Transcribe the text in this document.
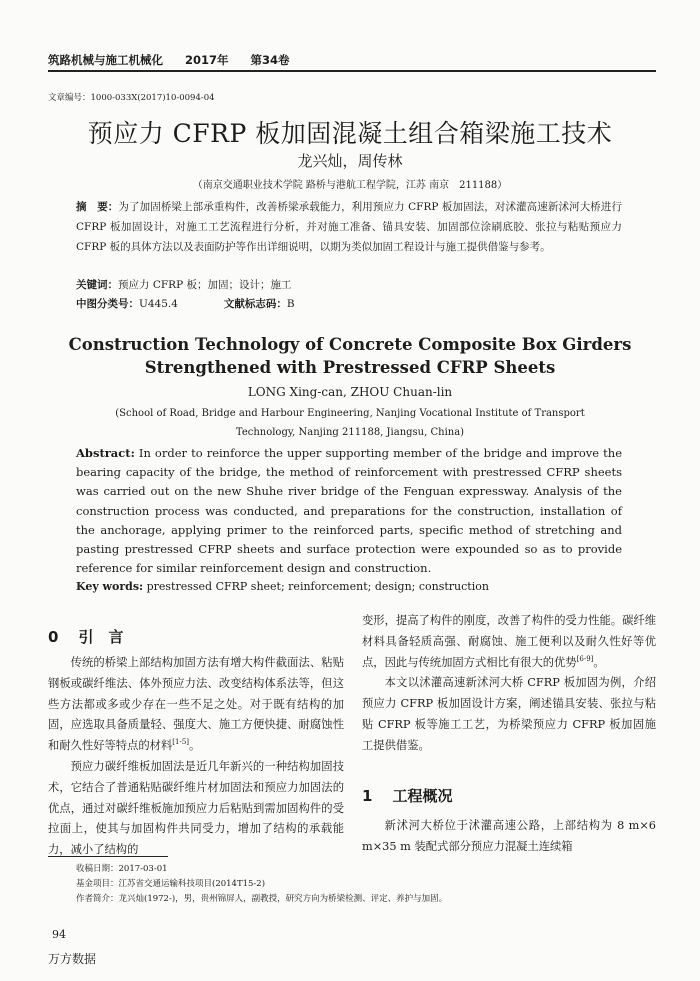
筑路机械与施工机械化 2017年 第34卷
文章编号：1000-033X(2017)10-0094-04
预应力 CFRP 板加固混凝土组合箱梁施工技术
龙兴灿，周传林
（南京交通职业技术学院 路桥与港航工程学院，江苏 南京　211188）
摘　要：为了加固桥梁上部承重构件，改善桥梁承载能力，利用预应力 CFRP 板加固法，对沭灌高速新沭河大桥进行 CFRP 板加固设计，对施工工艺流程进行分析，并对施工准备、锚具安装、加固部位涂刷底胶、张拉与粘贴预应力 CFRP 板的具体方法以及表面防护等作出详细说明，以期为类似加固工程设计与施工提供借鉴与参考。
关键词：预应力 CFRP 板；加固；设计；施工
中图分类号：U445.4	文献标志码：B
Construction Technology of Concrete Composite Box Girders
Strengthened with Prestressed CFRP Sheets
LONG Xing-can, ZHOU Chuan-lin
(School of Road, Bridge and Harbour Engineering, Nanjing Vocational Institute of Transport Technology, Nanjing 211188, Jiangsu, China)
Abstract: In order to reinforce the upper supporting member of the bridge and improve the bearing capacity of the bridge, the method of reinforcement with prestressed CFRP sheets was carried out on the new Shuhe river bridge of the Fenguan expressway. Analysis of the construction process was conducted, and preparations for the construction, installation of the anchorage, applying primer to the reinforced parts, specific method of stretching and pasting prestressed CFRP sheets and surface protection were expounded so as to provide reference for similar reinforcement design and construction.
Key words: prestressed CFRP sheet; reinforcement; design; construction
0 引　言

传统的桥梁上部结构加固方法有增大构件截面法、粘贴钢板或碳纤维法、体外预应力法、改变结构体系法等，但这些方法都或多或少存在一些不足之处。对于既有结构的加固，应选取具备质量轻、强度大、施工方便快捷、耐腐蚀性和耐久性好等特点的材料[1-5]。

预应力碳纤维板加固法是近几年新兴的一种结构加固技术，它结合了普通粘贴碳纤维片材加固法和预应力加固法的优点，通过对碳纤维板施加预应力后粘贴到需加固构件的受拉面上，使其与加固构件共同受力，增加了结构的承载能力，减小了结构的

变形，提高了构件的刚度，改善了构件的受力性能。碳纤维材料具备轻质高强、耐腐蚀、施工便利以及耐久性好等优点，因此与传统加固方式相比有很大的优势[6-9]。

本文以沭灌高速新沭河大桥 CFRP 板加固为例，介绍预应力 CFRP 板加固设计方案，阐述锚具安装、张拉与粘贴 CFRP 板等施工工艺，为桥梁预应力 CFRP 板加固施工提供借鉴。

1 工程概况

新沭河大桥位于沭灌高速公路，上部结构为 8 m×6 m×35 m 装配式部分预应力混凝土连续箱

收稿日期：2017-03-01
基金项目：江苏省交通运输科技项目(2014T15-2)
作者简介：龙兴灿(1972-)，男，贵州锦屏人，副教授，研究方向为桥梁检测、评定、养护与加固。
94
万方数据
